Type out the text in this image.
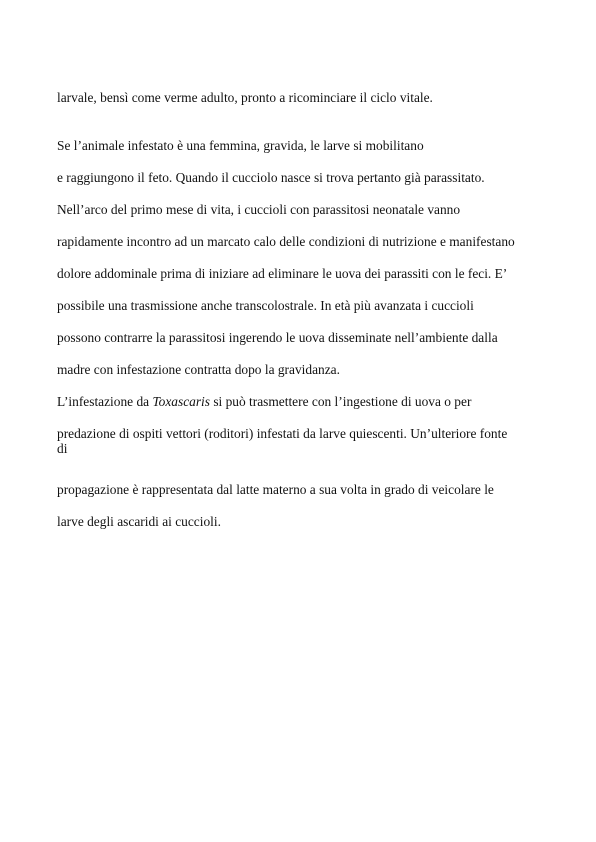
larvale, bensì come verme adulto, pronto a ricominciare il ciclo vitale.

Se l’animale infestato è una femmina, gravida, le larve si mobilitano

e raggiungono il feto. Quando il cucciolo nasce si trova pertanto già parassitato.

Nell’arco del primo mese di vita, i cuccioli con parassitosi neonatale vanno

rapidamente incontro ad un marcato calo delle condizioni di nutrizione e manifestano

dolore addominale prima di iniziare ad eliminare le uova dei parassiti con le feci. E’

possibile una trasmissione anche transcolostrale. In età più avanzata i cuccioli

possono contrarre la parassitosi ingerendo le uova disseminate nell’ambiente dalla

madre con infestazione contratta dopo la gravidanza.

L’infestazione da Toxascaris si può trasmettere con l’ingestione di uova o per

predazione di ospiti vettori (roditori) infestati da larve quiescenti. Un’ulteriore fonte

di

propagazione è rappresentata dal latte materno a sua volta in grado di veicolare le

larve degli ascaridi ai cuccioli.
